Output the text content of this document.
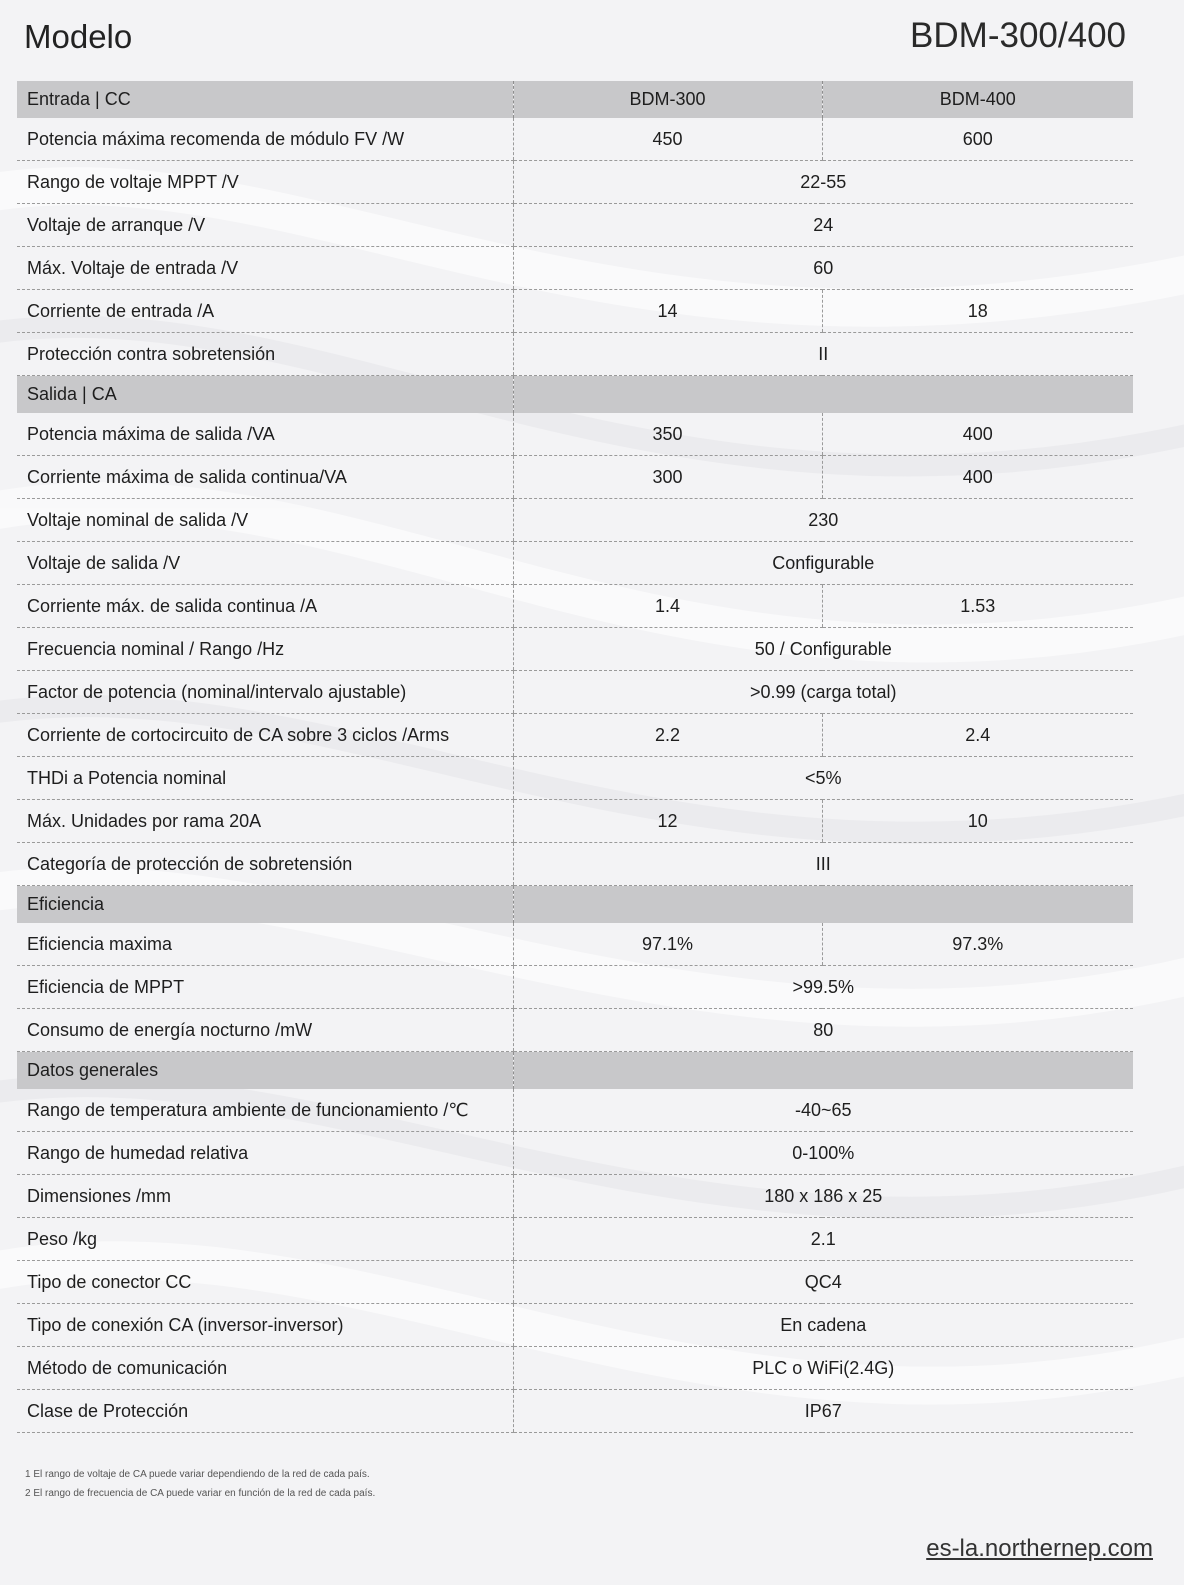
Modelo	BDM-300/400
Entrada | CC	BDM-300	BDM-400
Potencia máxima recomenda de módulo FV /W	450	600
Rango de voltaje MPPT /V	22-55	
Voltaje de arranque /V	24	
Máx. Voltaje de entrada /V	60	
Corriente de entrada /A	14	18
Protección contra sobretensión	II	
Salida | CA		
Potencia máxima de salida /VA	350	400
Corriente máxima de salida continua/VA	300	400
Voltaje nominal de salida /V	230	
Voltaje de salida /V	Configurable	
Corriente máx. de salida continua /A	1.4	1.53
Frecuencia nominal / Rango /Hz	50 / Configurable	
Factor de potencia (nominal/intervalo ajustable)	>0.99 (carga total)	
Corriente de cortocircuito de CA sobre 3 ciclos /Arms	2.2	2.4
THDi a Potencia nominal	<5%	
Máx. Unidades por rama 20A	12	10
Categoría de protección de sobretensión	III	
Eficiencia		
Eficiencia maxima	97.1%	97.3%
Eficiencia de MPPT	>99.5%	
Consumo de energía nocturno /mW	80	
Datos generales		
Rango de temperatura ambiente de funcionamiento /℃	-40~65	
Rango de humedad relativa	0-100%	
Dimensiones /mm	180 x 186 x 25	
Peso /kg	2.1	
Tipo de conector CC	QC4	
Tipo de conexión CA (inversor-inversor)	En cadena	
Método de comunicación	PLC o WiFi(2.4G)	
Clase de Protección	IP67	
1 El rango de voltaje de CA puede variar dependiendo de la red de cada país.
2 El rango de frecuencia de CA puede variar en función de la red de cada país.
es-la.northernep.com
